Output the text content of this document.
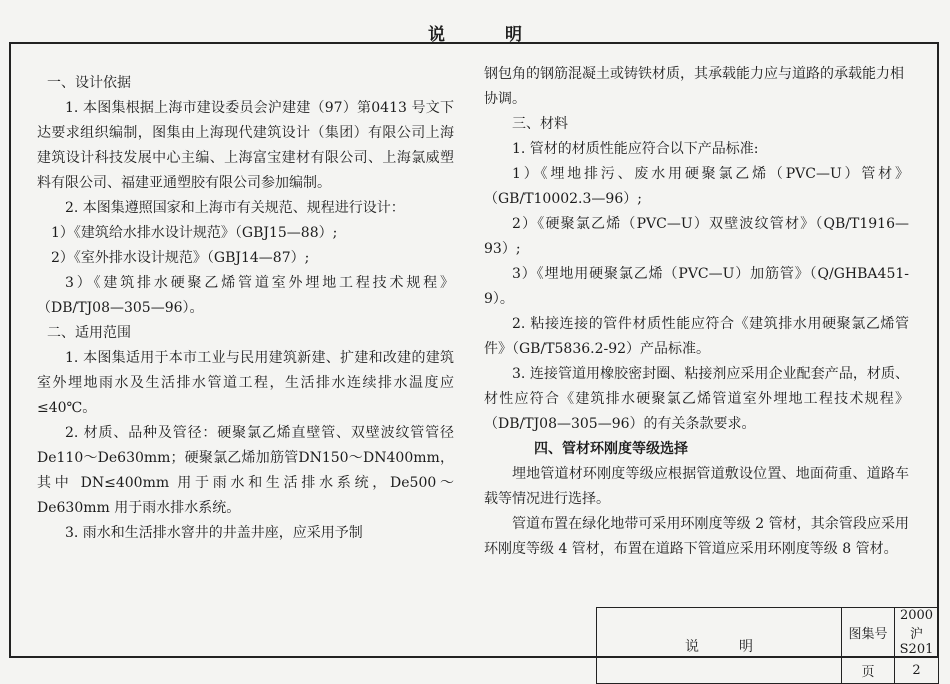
说明

一、设计依据

1. 本图集根据上海市建设委员会沪建建（97）第0413 号文下达要求组织编制，图集由上海现代建筑设计（集团）有限公司上海建筑设计科技发展中心主编、上海富宝建材有限公司、上海氯威塑料有限公司、福建亚通塑胶有限公司参加编制。

2. 本图集遵照国家和上海市有关规范、规程进行设计：

1）《建筑给水排水设计规范》（GBJ15—88）;

2）《室外排水设计规范》（GBJ14—87）;

3）《建筑排水硬聚乙烯管道室外埋地工程技术规程》（DB/TJ08—305—96）。

二、适用范围

1. 本图集适用于本市工业与民用建筑新建、扩建和改建的建筑室外埋地雨水及生活排水管道工程，生活排水连续排水温度应≤40℃。

2. 材质、品种及管径：硬聚氯乙烯直壁管、双壁波纹管管径 De110～De630mm；硬聚氯乙烯加筋管DN150～DN400mm，其中 DN≤400mm 用于雨水和生活排水系统，De500～De630mm 用于雨水排水系统。

3. 雨水和生活排水窨井的井盖井座，应采用予制

钢包角的钢筋混凝土或铸铁材质，其承载能力应与道路的承载能力相协调。

三、材料

1. 管材的材质性能应符合以下产品标准:

1）《埋地排污、废水用硬聚氯乙烯（PVC—U）管材》（GB/T10002.3—96）;

2）《硬聚氯乙烯（PVC—U）双壁波纹管材》（QB/T1916—93）;

3）《埋地用硬聚氯乙烯（PVC—U）加筋管》（Q/GHBA451-9）。

2. 粘接连接的管件材质性能应符合《建筑排水用硬聚氯乙烯管件》（GB/T5836.2-92）产品标准。

3. 连接管道用橡胶密封圈、粘接剂应采用企业配套产品，材质、材性应符合《建筑排水硬聚氯乙烯管道室外埋地工程技术规程》（DB/TJ08—305—96）的有关条款要求。

四、管材环刚度等级选择

埋地管道材环刚度等级应根据管道敷设位置、地面荷重、道路车载等情况进行选择。

管道布置在绿化地带可采用环刚度等级 2 管材，其余管段应采用环刚度等级 4 管材，布置在道路下管道应采用环刚度等级 8 管材。

说明	图集号	2000 沪 S201
	页	2
